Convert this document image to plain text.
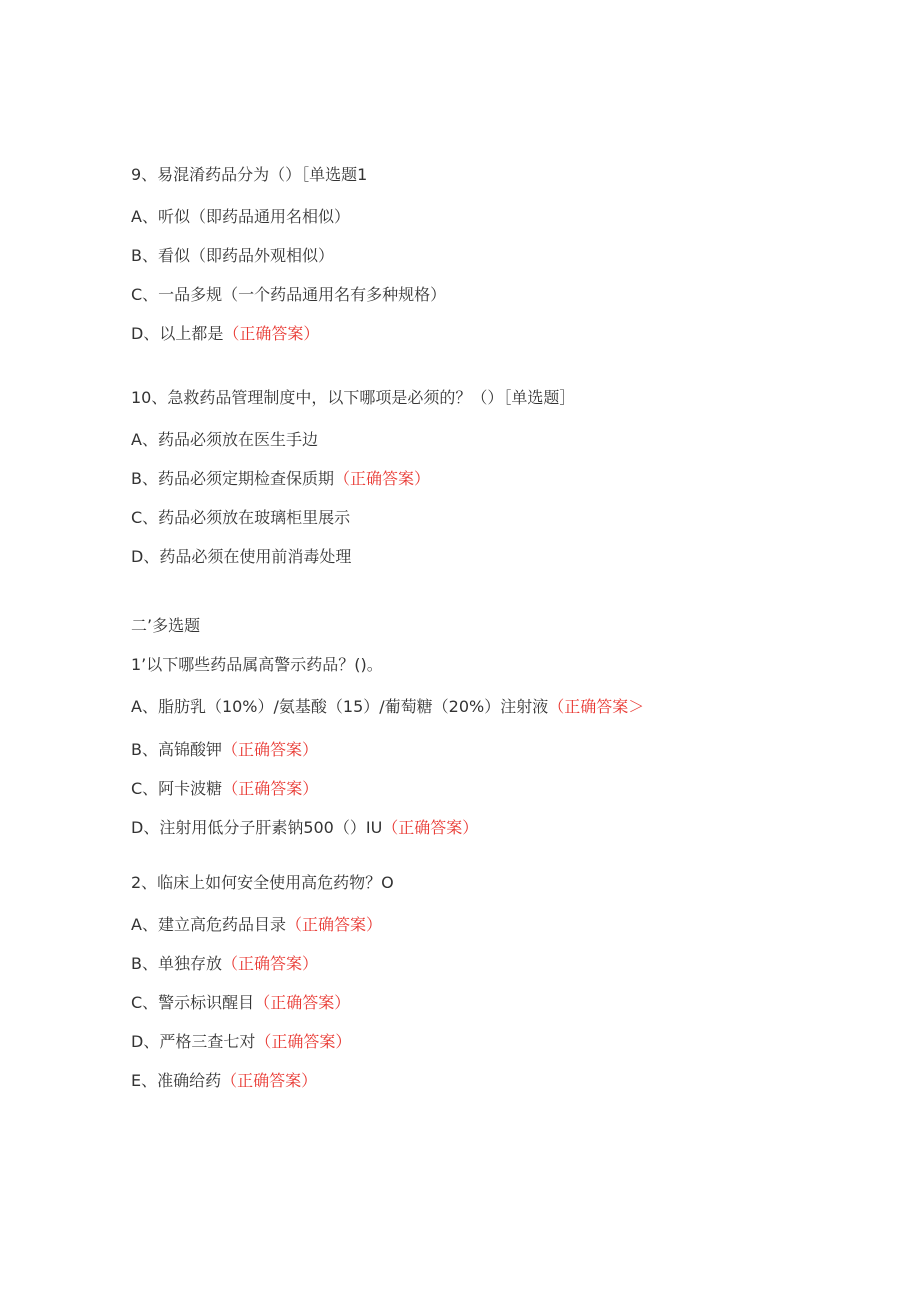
9、易混淆药品分为（）［单选题1
A、听似（即药品通用名相似）
B、看似（即药品外观相似）
C、一品多规（一个药品通用名有多种规格）
D、以上都是（正确答案）
10、急救药品管理制度中，以下哪项是必须的？（）［单选题］
A、药品必须放在医生手边
B、药品必须定期检查保质期（正确答案）
C、药品必须放在玻璃柜里展示
D、药品必须在使用前消毒处理
二’多选题
1’以下哪些药品属高警示药品？()。
A、脂肪乳（10%）/氨基酸（15）/葡萄糖（20%）注射液（正确答案＞
B、高锦酸钾（正确答案）
C、阿卡波糖（正确答案）
D、注射用低分子肝素钠500（）IU（正确答案）
2、临床上如何安全使用高危药物？O
A、建立高危药品目录（正确答案）
B、单独存放（正确答案）
C、警示标识醒目（正确答案）
D、严格三查七对（正确答案）
E、准确给药（正确答案）
